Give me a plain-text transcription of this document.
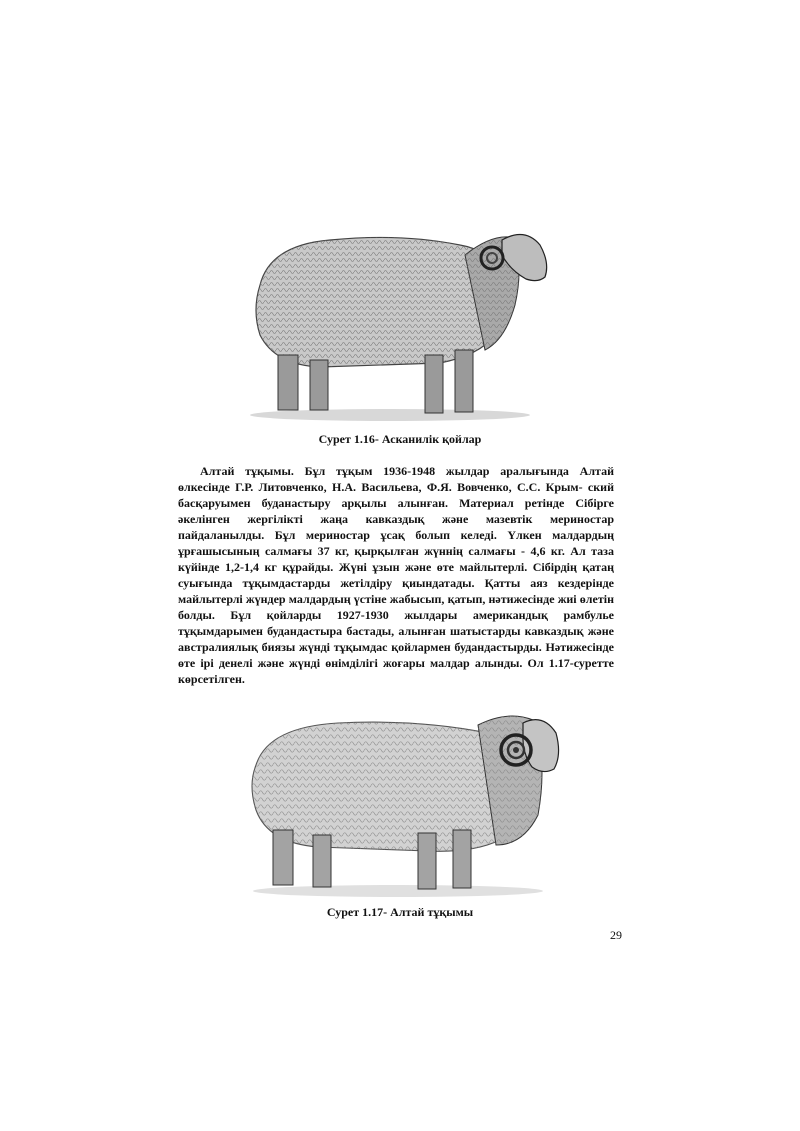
Сурет 1.16- Асканилік қойлар

Алтай тұқымы. Бұл тұқым 1936-1948 жылдар аралығында Алтай өлкесінде Г.Р. Литовченко, Н.А. Васильева, Ф.Я. Вовченко, С.С. Крым- ский басқаруымен буданастыру арқылы алынған. Материал ретінде Сібірге әкелінген жергілікті жаңа кавказдық және мазевтік мериностар пайдаланылды. Бұл мериностар ұсақ болып келеді. Үлкен малдардың ұрғашысының салмағы 37 кг, қырқылған жүннің салмағы - 4,6 кг. Ал таза күйінде 1,2-1,4 кг құрайды. Жүні ұзын және өте майлытерлі. Сібірдің қатаң суығында тұқымдастарды жетілдіру қиындатады. Қатты аяз кездерінде майлытерлі жүндер малдардың үстіне жабысып, қатып, нәтижесінде жиі өлетін болды. Бұл қойларды 1927-1930 жылдары американдық рамбулье тұқымдарымен будандастыра бастады, алынған шатыстарды кавказдық және австралиялық биязы жүнді тұқымдас қойлармен будандастырды. Нәтижесінде өте ірі денелі және жүнді өнімділігі жоғары малдар алынды. Ол 1.17-суретте көрсетілген.

Сурет 1.17- Алтай тұқымы
29
